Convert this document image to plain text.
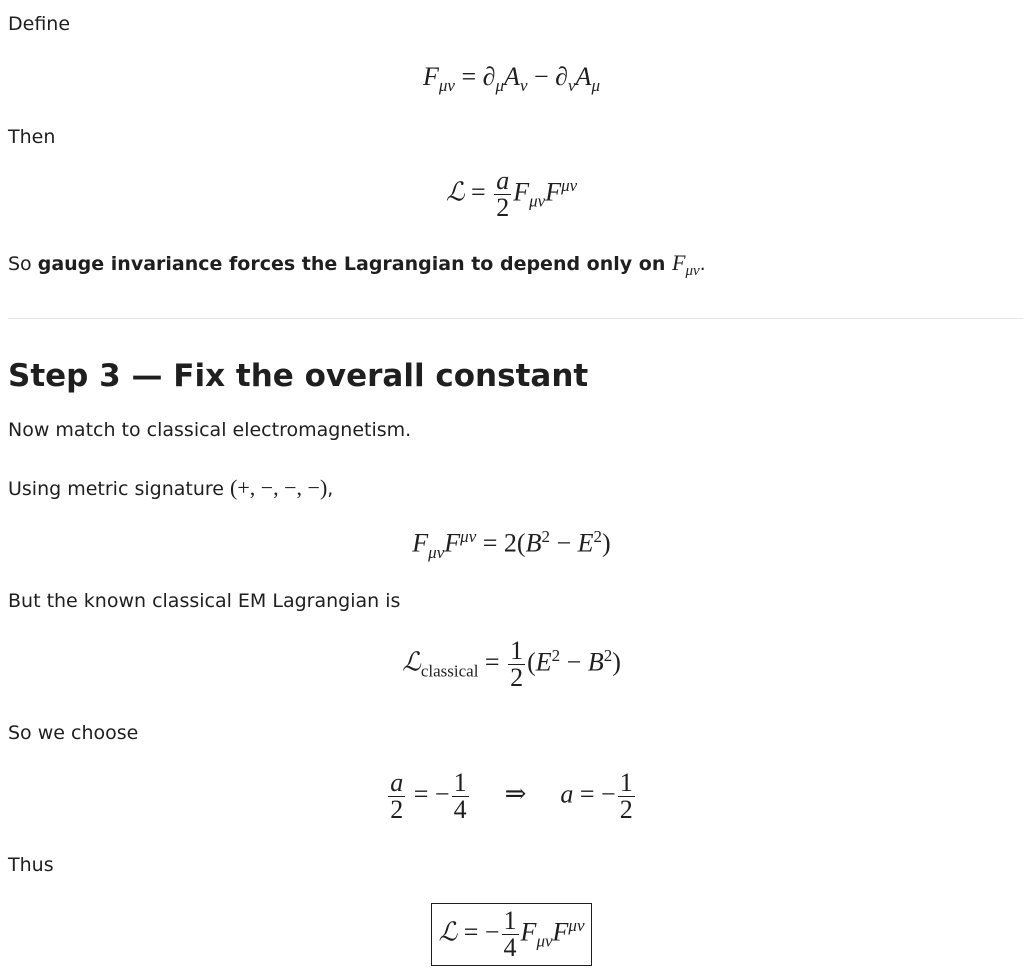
Define
$F_{\mu\nu} = \partial_\mu A_\nu - \partial_\nu A_\mu$
Then
ℒ = $\frac{a}{2} F_{\mu\nu}F^{\mu\nu}$
So gauge invariance forces the Lagrangian to depend only on $F_{\mu\nu}$.
Step 3 — Fix the overall constant
Now match to classical electromagnetism.
Using metric signature (+, −, −, −),
$F_{\mu\nu}F^{\mu\nu} = 2(B^2 - E^2)$
But the known classical EM Lagrangian is
ℒ$_{classical}$ = $\frac{1}{2} (E^2 - B^2)$
So we choose
$\frac{a}{2}$ = − $\frac{1}{4}$ ⇒ a = − $\frac{1}{2}$
Thus
ℒ = − $\frac{1}{4} F_{\mu\nu}F^{\mu\nu}$
